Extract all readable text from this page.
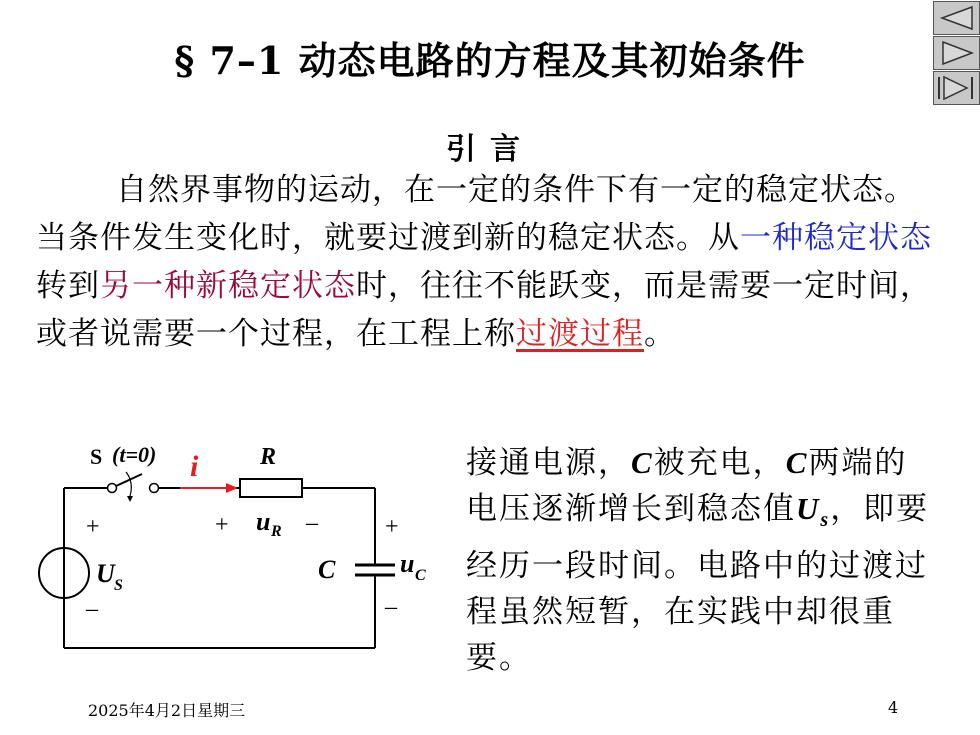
§ 7–1 动态电路的方程及其初始条件
引言
自然界事物的运动，在一定的条件下有一定的稳定状态。当条件发生变化时，就要过渡到新的稳定状态。从一种稳定状态转到另一种新稳定状态时，往往不能跃变，而是需要一定时间，或者说需要一个过程，在工程上称过渡过程。
S (t=0) i	R
+ u R –
C u C
+
–
+
U S
–
接通电源，C被充电，C两端的电压逐渐增长到稳态值$U_s$，即要经历一段时间。电路中的过渡过程虽然短暂，在实践中却很重要。
2025年4月2日星期三	4
